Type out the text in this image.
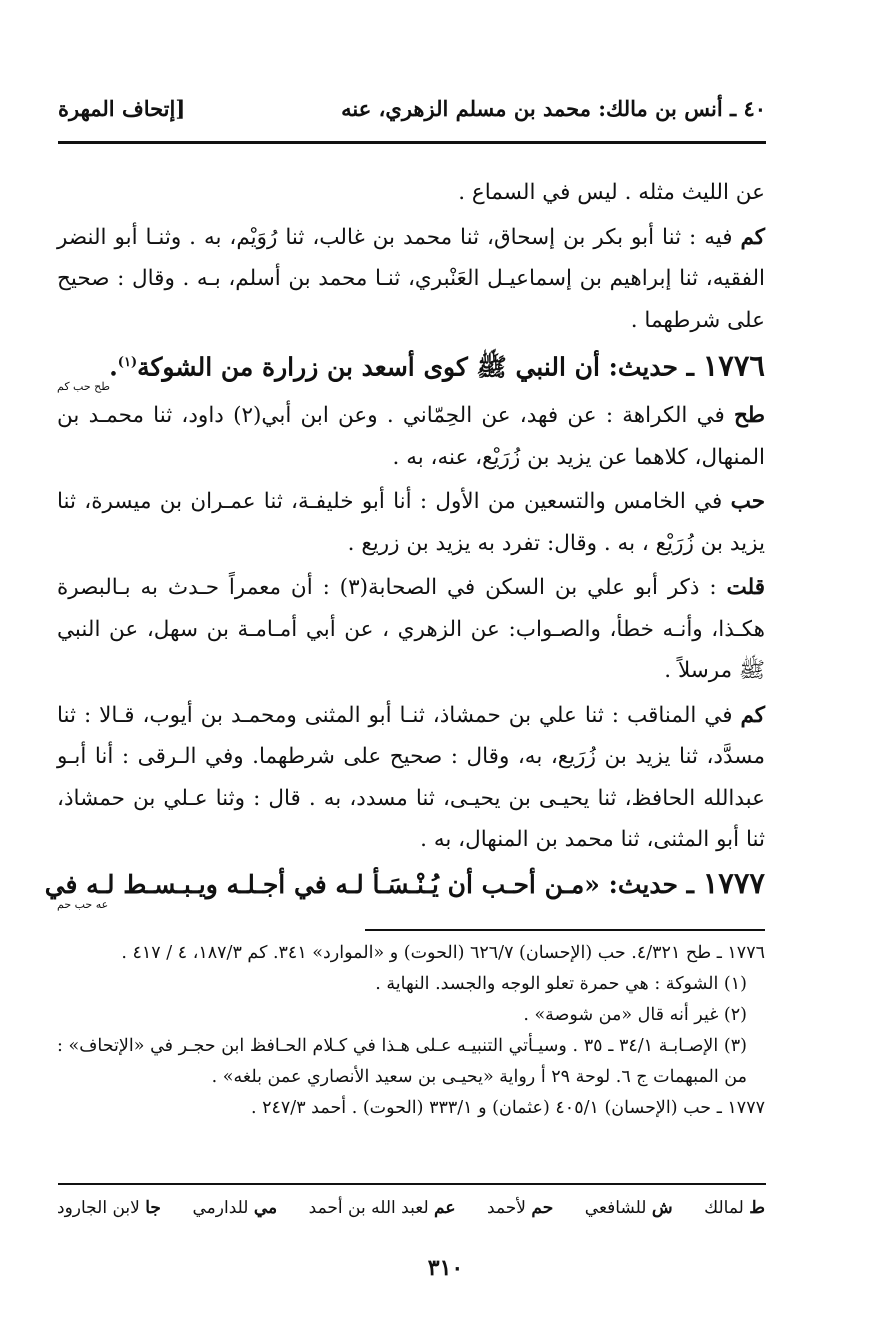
٤٠ ـ أنس بن مالك: محمد بن مسلم الزهري، عنه
[إتحاف المهرة

عن الليث مثله . ليس في السماع .

كم فيه : ثنا أبو بكر بن إسحاق، ثنا محمد بن غالب، ثنا رُوَيْم، به . وثنـا أبو النضر الفقيه، ثنا إبراهيم بن إسماعيـل العَنْبري، ثنـا محمد بن أسلم، بـه . وقال : صحيح على شرطهما .

١٧٧٦ ـ حديث: أن النبي ﷺ كوى أسعد بن زرارة من الشوكة$^{(١)}$.

طح حب كم

طح في الكراهة : عن فهد، عن الحِمّاني . وعن ابن أبي(٢) داود، ثنا محمـد بن المنهال، كلاهما عن يزيد بن زُرَيْع، عنه، به .

حب في الخامس والتسعين من الأول : أنا أبو خليفـة، ثنا عمـران بن ميسرة، ثنا يزيد بن زُرَيْع ، به . وقال: تفرد به يزيد بن زريع .

قلت : ذكر أبو علي بن السكن في الصحابة(٣) : أن معمراً حـدث به بـالبصرة هكـذا، وأنـه خطأ، والصـواب: عن الزهري ، عن أبي أمـامـة بن سهل، عن النبي ﷺ مرسلاً .

كم في المناقب : ثنا علي بن حمشاذ، ثنـا أبو المثنى ومحمـد بن أيوب، قـالا : ثنا مسدَّد، ثنا يزيد بن زُرَيع، به، وقال : صحيح على شرطهما. وفي الـرقى : أنا أبـو عبدالله الحافظ، ثنا يحيـى بن يحيـى، ثنا مسدد، به . قال : وثنا عـلي بن حمشاذ، ثنا أبو المثنى، ثنا محمد بن المنهال، به .

١٧٧٧ ـ حديث: «مـن أحـب أن يُـنْـسَـأ لـه في أجـلـه ويـبـسـط لـه في

عه حب حم

١٧٧٦ ـ طح ٤/٣٢١. حب (الإحسان) ٦٢٦/٧ (الحوت) و «الموارد» ٣٤١. كم ١٨٧/٣، ٤ / ٤١٧ .

(١) الشوكة : هي حمرة تعلو الوجه والجسد. النهاية .

(٢) غير أنه قال «من شوصة» .

(٣) الإصـابـة ٣٤/١ ـ ٣٥ . وسيـأتي التنبيـه عـلى هـذا في كـلام الحـافظ ابن حجـر في «الإتحاف» : من المبهمات ج ٦. لوحة ٢٩ أ رواية «يحيـى بن سعيد الأنصاري عمن بلغه» .

١٧٧٧ ـ حب (الإحسان) ٤٠٥/١ (عثمان) و ٣٣٣/١ (الحوت) . أحمد ٢٤٧/٣ .

ط لمالك
ش للشافعي
حم لأحمد
عم لعبد الله بن أحمد
مي للدارمي
جا لابن الجارود
٣١٠
